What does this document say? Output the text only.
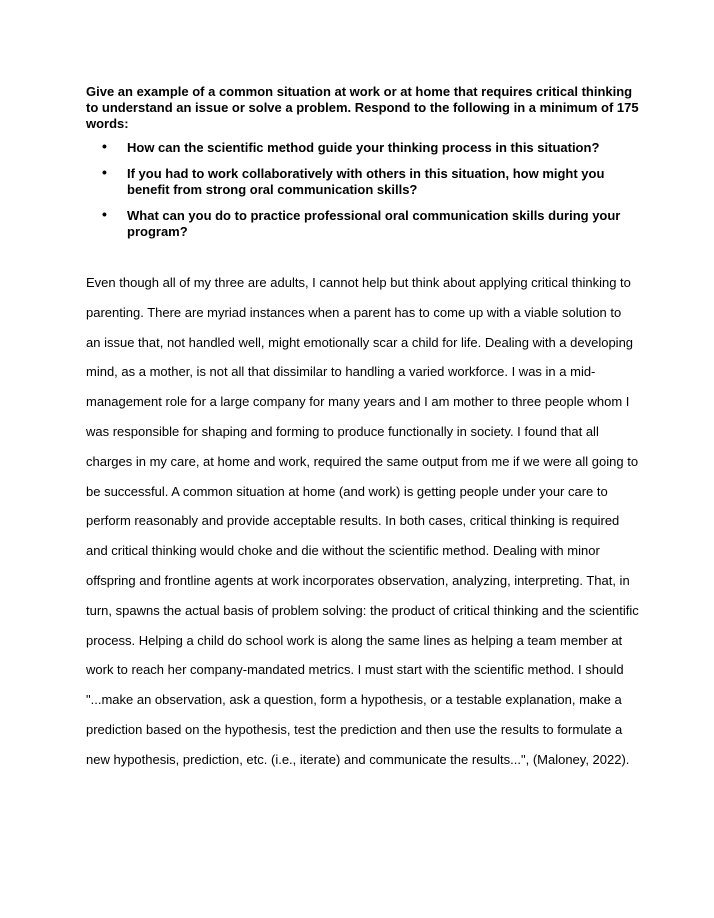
Give an example of a common situation at work or at home that requires critical thinking to understand an issue or solve a problem. Respond to the following in a minimum of 175 words:

• How can the scientific method guide your thinking process in this situation?
• If you had to work collaboratively with others in this situation, how might you benefit from strong oral communication skills?
• What can you do to practice professional oral communication skills during your program?
Even though all of my three are adults, I cannot help but think about applying critical thinking to
parenting. There are myriad instances when a parent has to come up with a viable solution to
an issue that, not handled well, might emotionally scar a child for life. Dealing with a developing
mind, as a mother, is not all that dissimilar to handling a varied workforce. I was in a mid-
management role for a large company for many years and I am mother to three people whom I
was responsible for shaping and forming to produce functionally in society. I found that all
charges in my care, at home and work, required the same output from me if we were all going to
be successful. A common situation at home (and work) is getting people under your care to
perform reasonably and provide acceptable results. In both cases, critical thinking is required
and critical thinking would choke and die without the scientific method. Dealing with minor
offspring and frontline agents at work incorporates observation, analyzing, interpreting. That, in
turn, spawns the actual basis of problem solving: the product of critical thinking and the scientific
process. Helping a child do school work is along the same lines as helping a team member at
work to reach her company-mandated metrics. I must start with the scientific method. I should
"...make an observation, ask a question, form a hypothesis, or a testable explanation, make a
prediction based on the hypothesis, test the prediction and then use the results to formulate a
new hypothesis, prediction, etc. (i.e., iterate) and communicate the results...", (Maloney, 2022).
